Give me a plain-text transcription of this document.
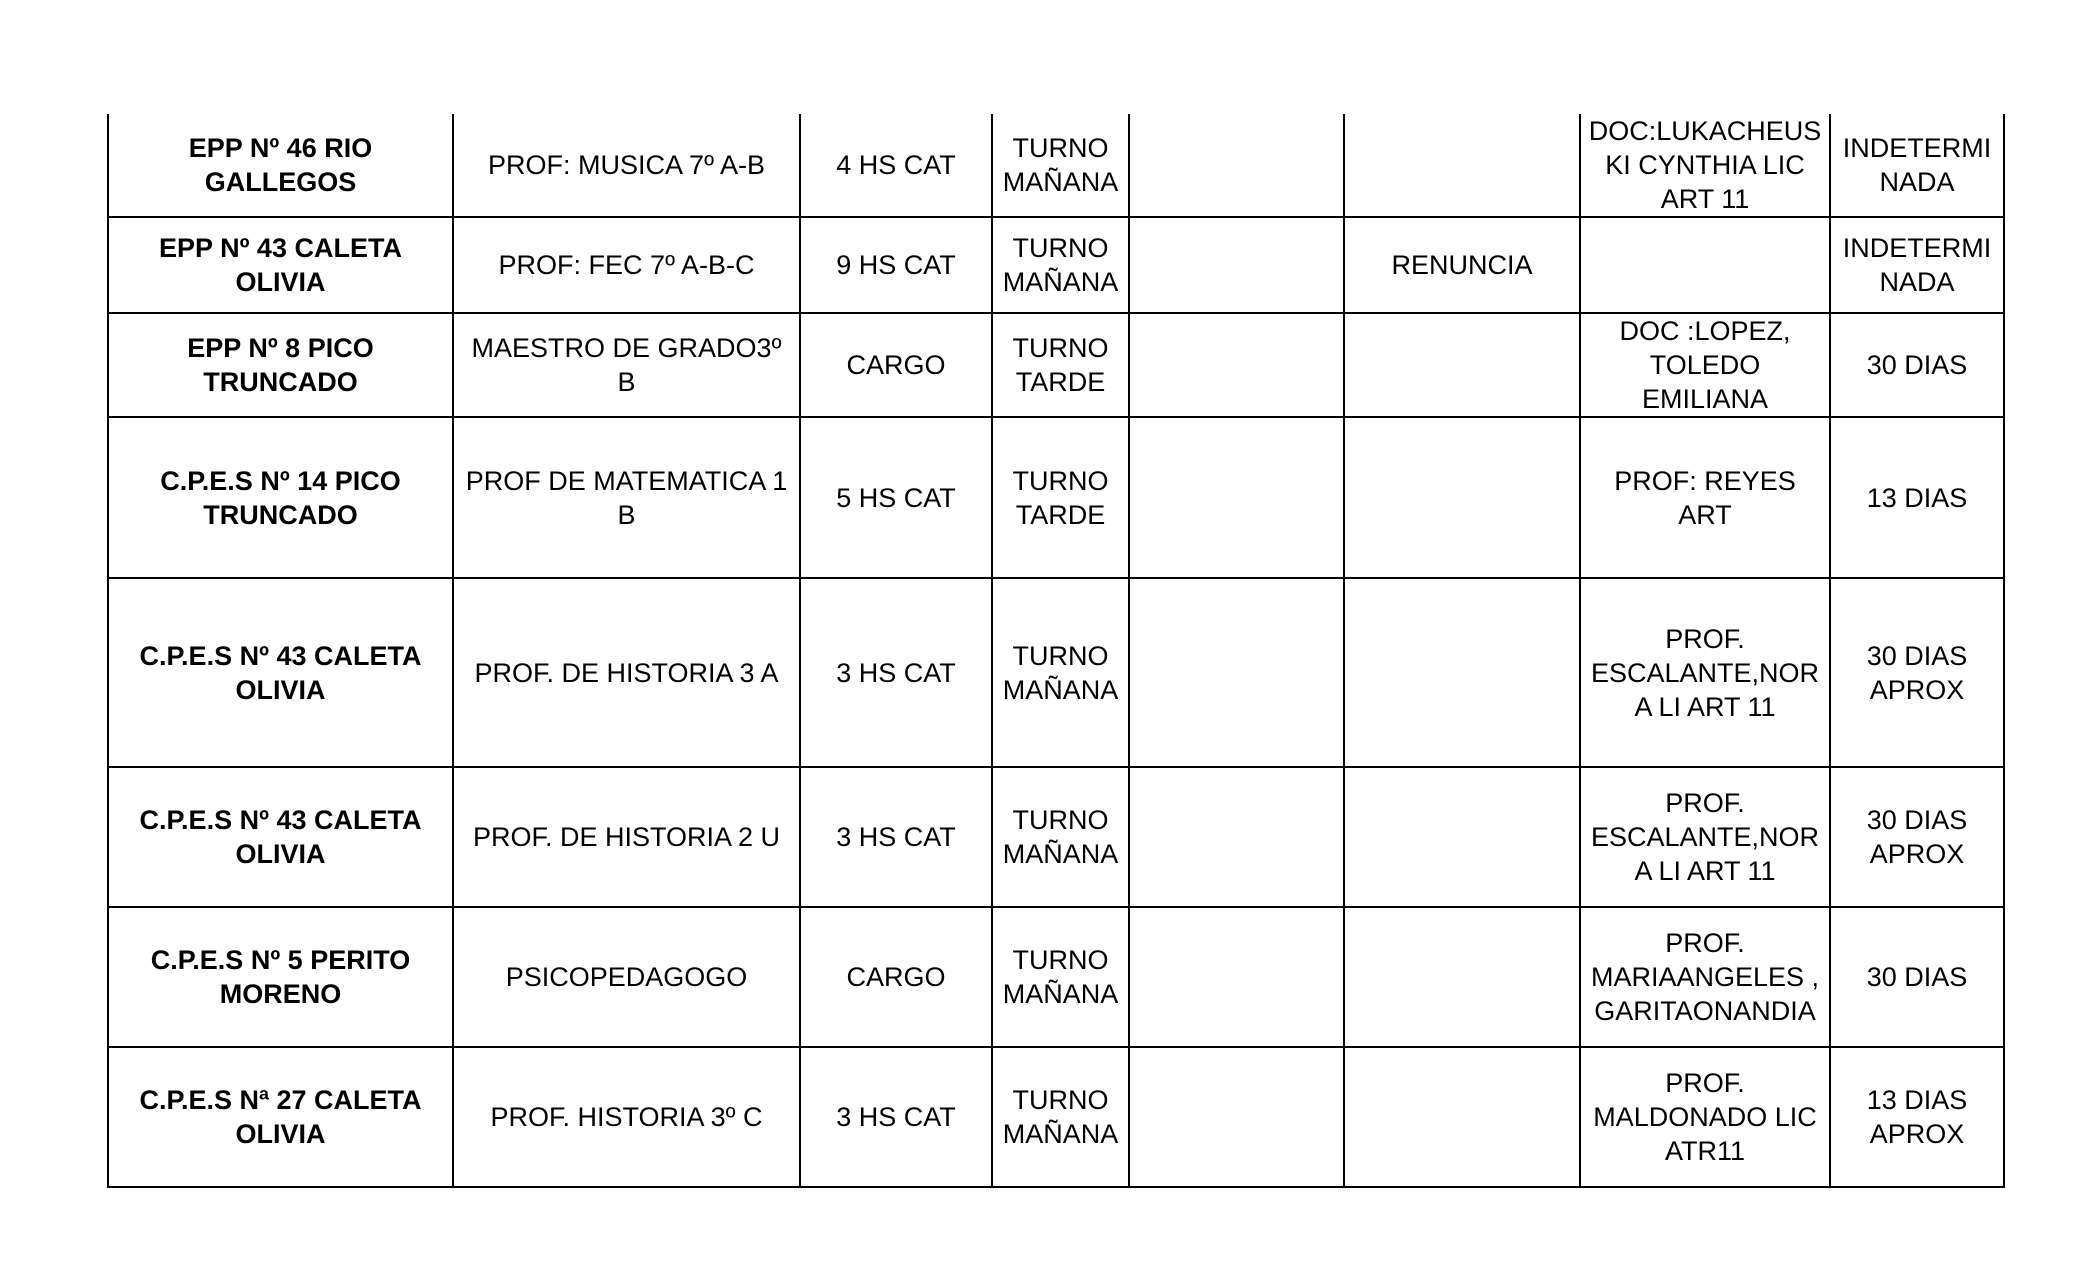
EPP Nº 46 RIO GALLEGOS	PROF: MUSICA 7º A-B	4 HS CAT	TURNO MAÑANA			DOC:LUKACHEUSKI CYNTHIA LIC ART 11	INDETERMINADA
EPP Nº 43 CALETA OLIVIA	PROF: FEC 7º A-B-C	9 HS CAT	TURNO MAÑANA		RENUNCIA		INDETERMINADA
EPP Nº 8 PICO TRUNCADO	MAESTRO DE GRADO3º B	CARGO	TURNO TARDE			DOC :LOPEZ, TOLEDO EMILIANA	30 DIAS
C.P.E.S Nº 14 PICO TRUNCADO	PROF DE MATEMATICA 1 B	5 HS CAT	TURNO TARDE			PROF: REYES ART	13 DIAS
C.P.E.S Nº 43 CALETA OLIVIA	PROF. DE HISTORIA 3 A	3 HS CAT	TURNO MAÑANA			PROF. ESCALANTE,NORA LI ART 11	30 DIAS APROX
C.P.E.S Nº 43 CALETA OLIVIA	PROF. DE HISTORIA 2 U	3 HS CAT	TURNO MAÑANA			PROF. ESCALANTE,NORA LI ART 11	30 DIAS APROX
C.P.E.S Nº 5 PERITO MORENO	PSICOPEDAGOGO	CARGO	TURNO MAÑANA			PROF. MARIAANGELES , GARITAONANDIA	30 DIAS
C.P.E.S Nª 27 CALETA OLIVIA	PROF. HISTORIA 3º C	3 HS CAT	TURNO MAÑANA			PROF. MALDONADO LIC ATR11	13 DIAS APROX
